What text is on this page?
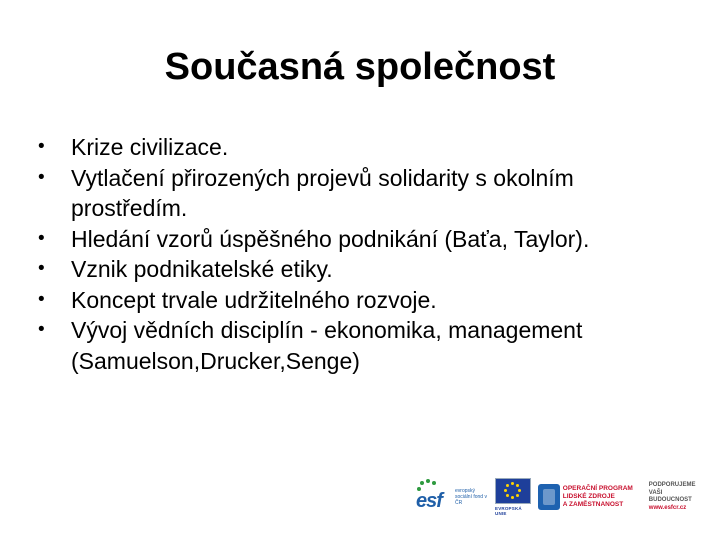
Současná společnost
• Krize civilizace.
• Vytlačení přirozených projevů solidarity s okolním prostředím.
• Hledání vzorů úspěšného podnikání (Baťa, Taylor).
• Vznik podnikatelské etiky.
• Koncept trvale udržitelného rozvoje.
• Vývoj vědních disciplín - ekonomika, management (Samuelson,Drucker,Senge)
esf	evropský sociální fond v ČR
EVROPSKÁ UNIE
OPERAČNÍ PROGRAM
LIDSKÉ ZDROJE
A ZAMĚSTNANOST
PODPORUJEME
VAŠI BUDOUCNOST
www.esfcr.cz
